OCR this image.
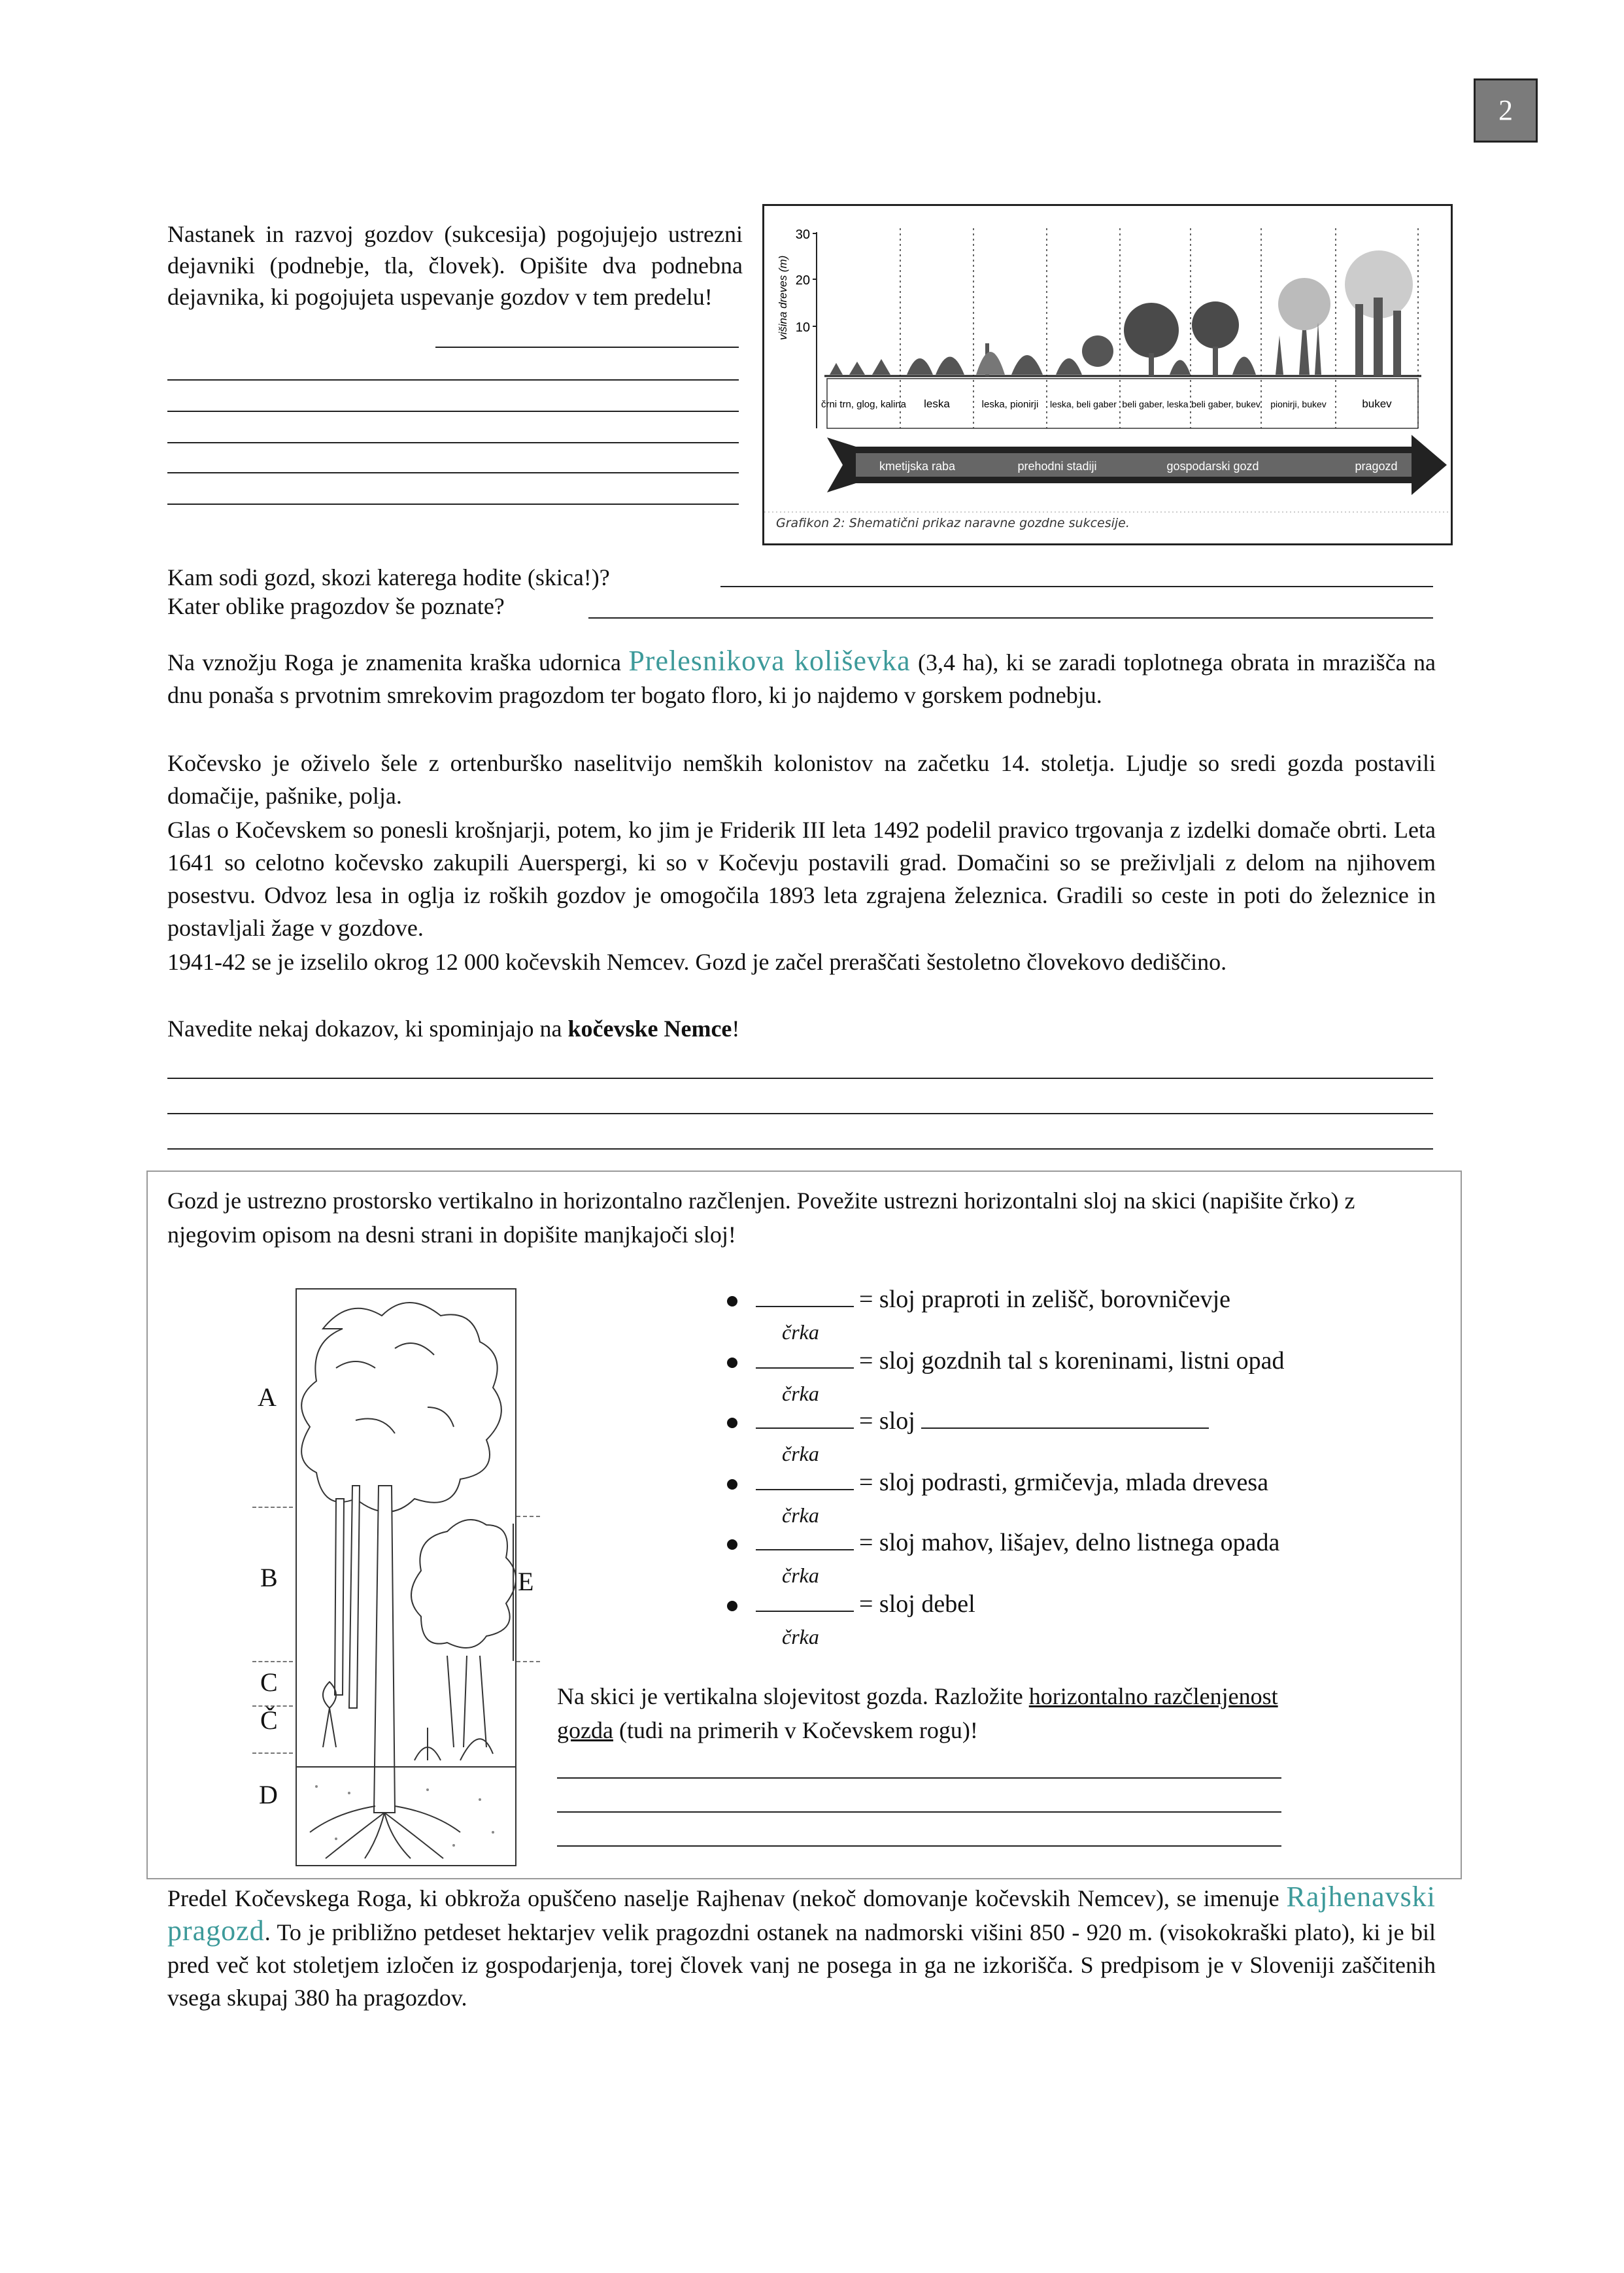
2
Nastanek in razvoj gozdov (sukcesija) pogojujejo ustrezni dejavniki (podnebje, tla, človek). Opišite dva podnebna dejavnika, ki pogojujeta uspevanje gozdov v tem predelu!
30
20
10
višina dreves (m)
črni trn, glog, kalina leska	leska, pionirji leska, beli gaber beli gaber, leska beli gaber, bukev pionirji, bukev	bukev
kmetijska raba	prehodni stadiji	gospodarski gozd	pragozd
Grafikon 2: Shematični prikaz naravne gozdne sukcesije.
Kam sodi gozd, skozi katerega hodite (skica!)?
Kater oblike pragozdov še poznate?
Na vznožju Roga je znamenita kraška udornica Prelesnikova koliševka (3,4 ha), ki se zaradi toplotnega obrata in mrazišča na dnu ponaša s prvotnim smrekovim pragozdom ter bogato floro, ki jo najdemo v gorskem podnebju.
Kočevsko je oživelo šele z ortenburško naselitvijo nemških kolonistov na začetku 14. stoletja. Ljudje so sredi gozda postavili domačije, pašnike, polja.
Glas o Kočevskem so ponesli krošnjarji, potem, ko jim je Friderik III leta 1492 podelil pravico trgovanja z izdelki domače obrti. Leta 1641 so celotno kočevsko zakupili Auerspergi, ki so v Kočevju postavili grad. Domačini so se preživljali z delom na njihovem posestvu. Odvoz lesa in oglja iz roških gozdov je omogočila 1893 leta zgrajena železnica. Gradili so ceste in poti do železnice in postavljali žage v gozdove.
1941-42 se je izselilo okrog 12 000 kočevskih Nemcev. Gozd je začel preraščati šestoletno človekovo dediščino.
Navedite nekaj dokazov, ki spominjajo na kočevske Nemce!
Gozd je ustrezno prostorsko vertikalno in horizontalno razčlenjen. Povežite ustrezni horizontalni sloj na skici (napišite črko) z njegovim opisom na desni strani in dopišite manjkajoči sloj!
A
B
C
Č
D
E
= sloj praproti in zelišč, borovničevje
črka
= sloj gozdnih tal s koreninami, listni opad
črka
= sloj
črka
= sloj podrasti, grmičevja, mlada drevesa
črka
= sloj mahov, lišajev, delno listnega opada
črka
= sloj debel
črka
Na skici je vertikalna slojevitost gozda. Razložite horizontalno razčlenjenost gozda (tudi na primerih v Kočevskem rogu)!
Predel Kočevskega Roga, ki obkroža opuščeno naselje Rajhenav (nekoč domovanje kočevskih Nemcev), se imenuje Rajhenavski pragozd. To je približno petdeset hektarjev velik pragozdni ostanek na nadmorski višini 850 - 920 m. (visokokraški plato), ki je bil pred več kot stoletjem izločen iz gospodarjenja, torej človek vanj ne posega in ga ne izkorišča. S predpisom je v Sloveniji zaščitenih vsega skupaj 380 ha pragozdov.
